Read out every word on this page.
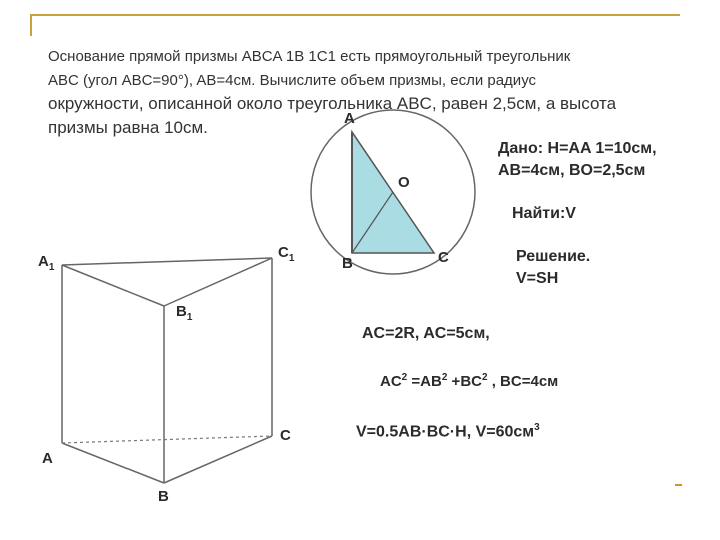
Основание прямой призмы ABCA 1B 1C1 есть прямоугольный треугольник
ABC (угол ABC=90°), AB=4см. Вычислите объем призмы, если радиус
окружности, описанной около треугольника ABC, равен 2,5см, а высота
призмы равна 10см.	A
O
B	C
$A_1$
$C_1$
$B_1$
A
B
C
Дано: H=AA 1=10см,
AB=4см, BO=2,5см
Найти:V
Решение.
V=SH
AC=2R, AC=5см,
$AC^2 =AB^2 +BC^2$ , BC=4см
V=0.5AB·BC·H, $V=60см^3$
